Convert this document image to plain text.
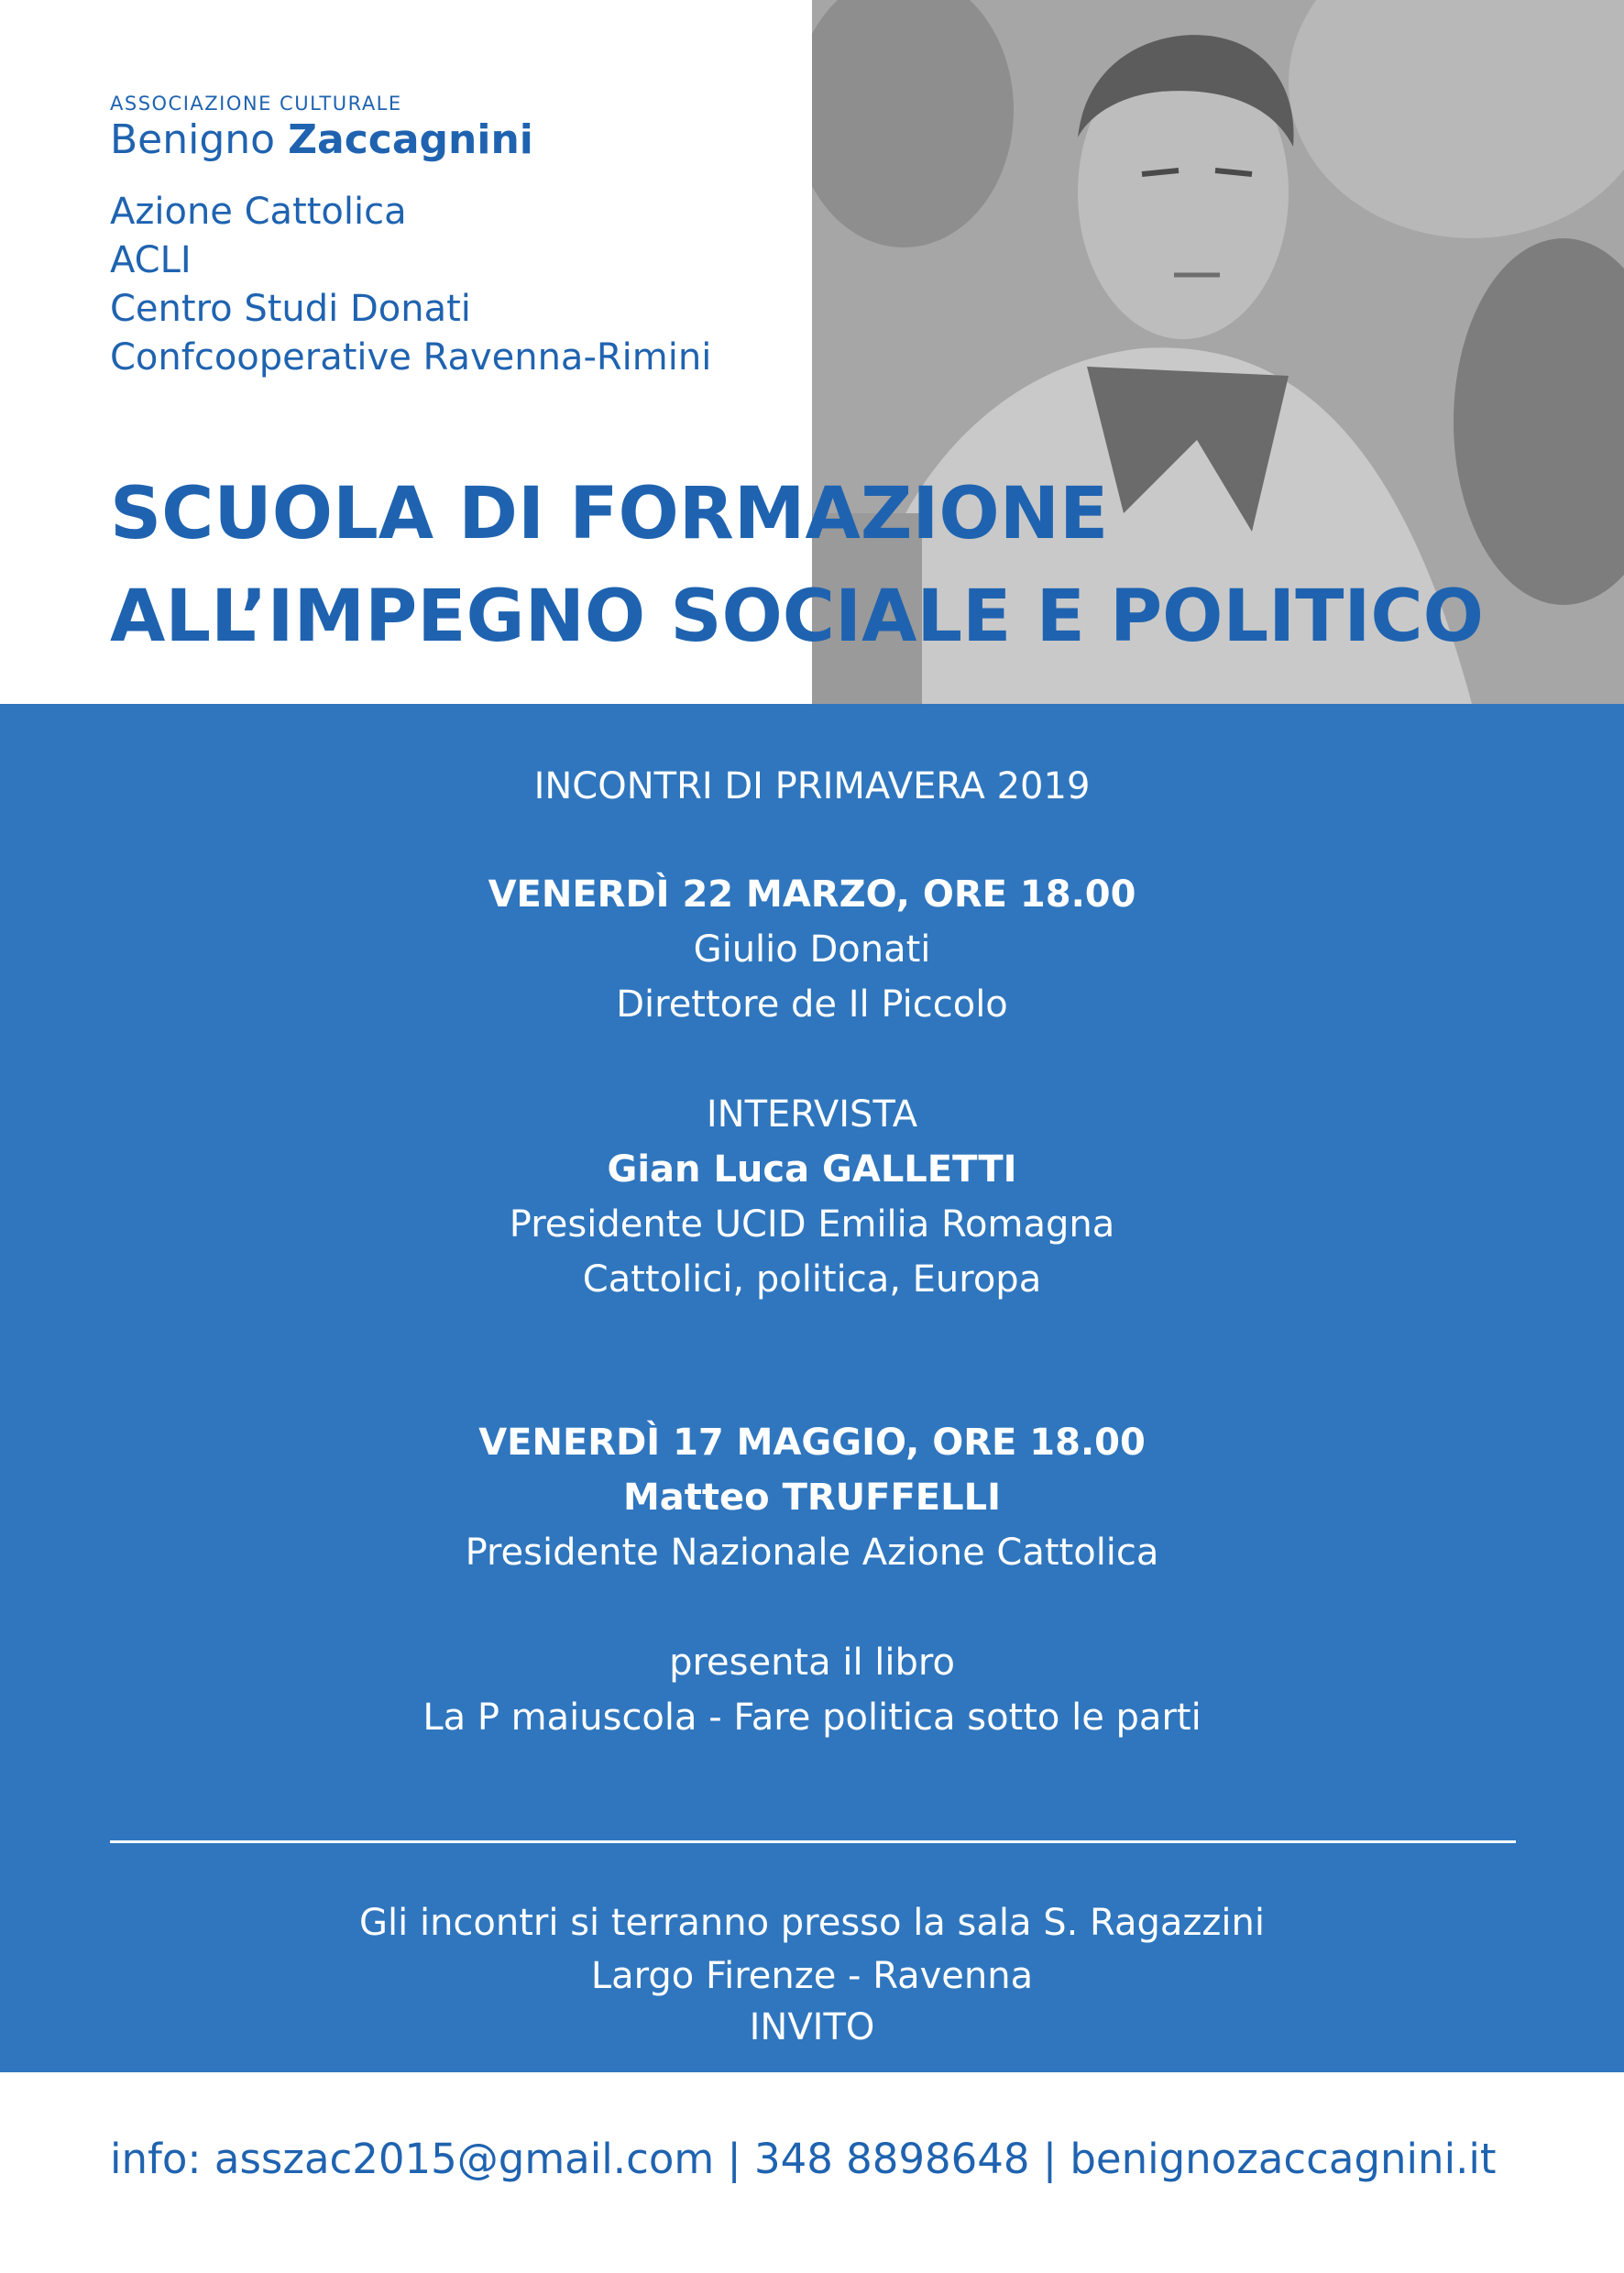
ASSOCIAZIONE CULTURALE
Benigno Zaccagnini
Azione Cattolica
ACLI
Centro Studi Donati
Confcooperative Ravenna-Rimini
SCUOLA DI FORMAZIONE
ALL’IMPEGNO SOCIALE E POLITICO
INCONTRI DI PRIMAVERA 2019
VENERDÌ 22 MARZO, ORE 18.00
Giulio Donati
Direttore de Il Piccolo
INTERVISTA
Gian Luca GALLETTI
Presidente UCID Emilia Romagna
Cattolici, politica, Europa
VENERDÌ 17 MAGGIO, ORE 18.00
Matteo TRUFFELLI
Presidente Nazionale Azione Cattolica
presenta il libro
La P maiuscola - Fare politica sotto le parti
Gli incontri si terranno presso la sala S. Ragazzini
Largo Firenze - Ravenna
INVITO
info: asszac2015@gmail.com | 348 8898648 | benignozaccagnini.it
